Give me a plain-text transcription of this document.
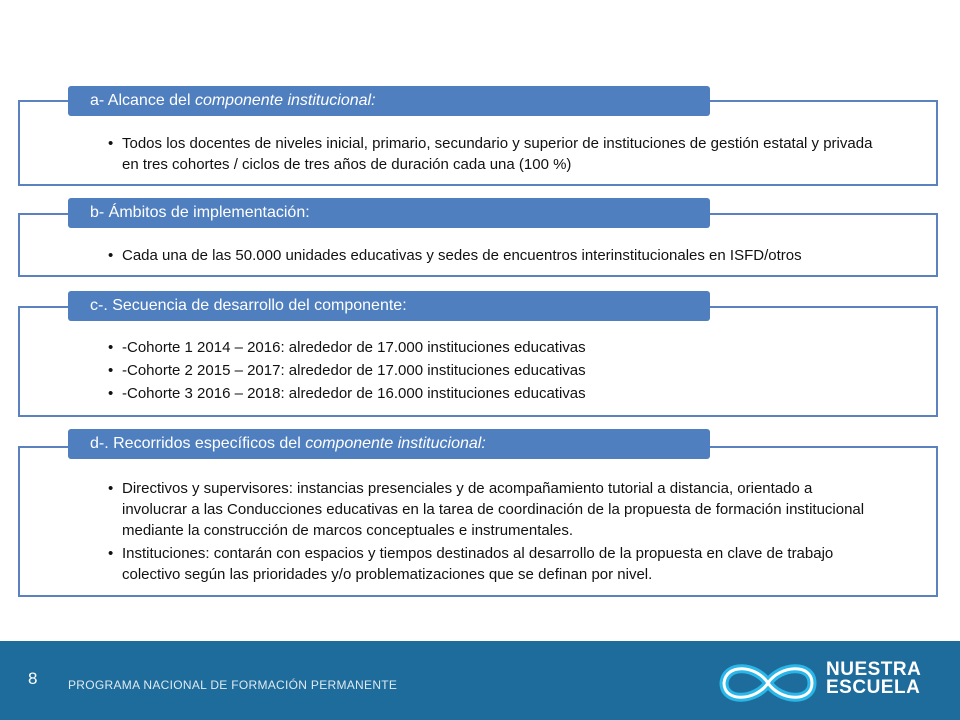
• Todos los docentes de niveles inicial, primario, secundario y superior de instituciones de gestión estatal y privada en tres cohortes / ciclos de tres años de duración cada una (100 %)
a- Alcance del componente institucional:
• Cada una de las 50.000 unidades educativas y sedes de encuentros interinstitucionales en ISFD/otros
b- Ámbitos de implementación:
• -Cohorte 1 2014 – 2016: alrededor de 17.000 instituciones educativas
• -Cohorte 2 2015 – 2017: alrededor de 17.000 instituciones educativas
• -Cohorte 3 2016 – 2018: alrededor de 16.000 instituciones educativas
c-. Secuencia de desarrollo del componente:
• Directivos y supervisores: instancias presenciales y de acompañamiento tutorial a distancia, orientado a involucrar a las Conducciones educativas en la tarea de coordinación de la propuesta de formación institucional mediante la construcción de marcos conceptuales e instrumentales.
• Instituciones: contarán con espacios y tiempos destinados al desarrollo de la propuesta en clave de trabajo colectivo según las prioridades y/o problematizaciones que se definan por nivel.
d-. Recorridos específicos del componente institucional:
8	PROGRAMA NACIONAL DE FORMACIÓN PERMANENTE
NUESTRA
ESCUELA
